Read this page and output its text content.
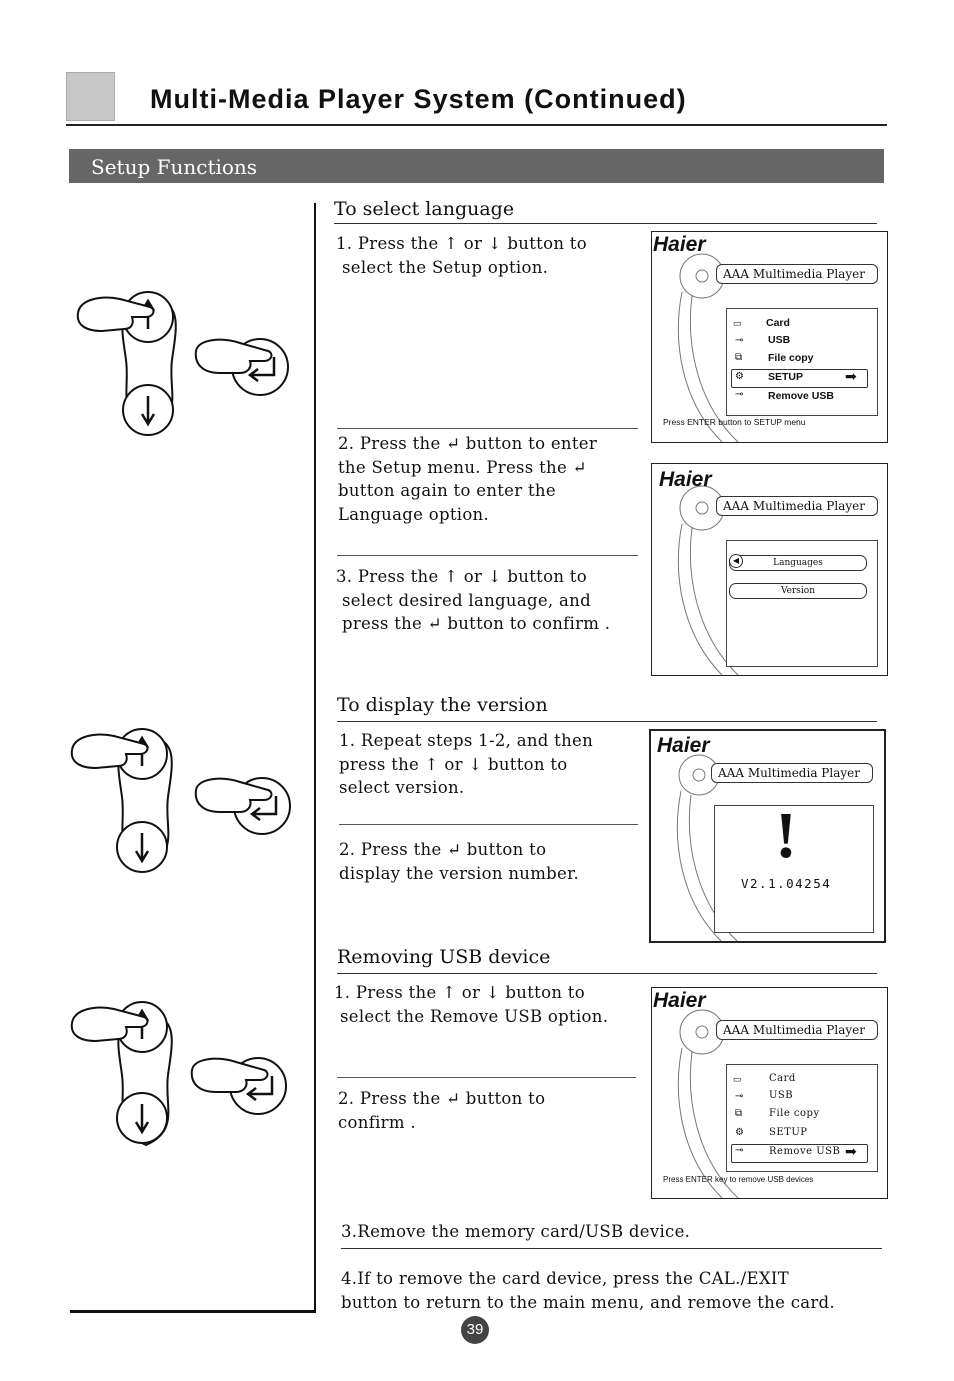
Multi-Media Player System (Continued)
Setup Functions
To select language
1. Press the ↑ or ↓ button to
select the Setup option.
2. Press the ↵ button to enter
the Setup menu. Press the ↵
button again to enter the
Language option.
3. Press the ↑ or ↓ button to
select desired language, and
press the ↵ button to confirm .
Haier
AAA Multimedia Player
▭ Card
⊸ USB
⧉ File copy
⚙ SETUP	➡
⊸ Remove USB
Press ENTER button to SETUP menu
Haier
AAA Multimedia Player
Languages
◀
Version
To display the version
1. Repeat steps 1-2, and then
press the ↑ or ↓ button to
select version.
2. Press the ↵ button to
display the version number.
Haier
AAA Multimedia Player
!
V2.1.04254
Removing USB device
1. Press the ↑ or ↓ button to
select the Remove USB option.
2. Press the ↵ button to
confirm .
Haier
AAA Multimedia Player
▭	Card
⊸	USB
⧉	File copy
⚙	SETUP
⊸	Remove USB ➡
Press ENTER key to remove USB devices
3.Remove the memory card/USB device.
4.If to remove the card device, press the CAL./EXIT
button to return to the main menu, and remove the card.
39
